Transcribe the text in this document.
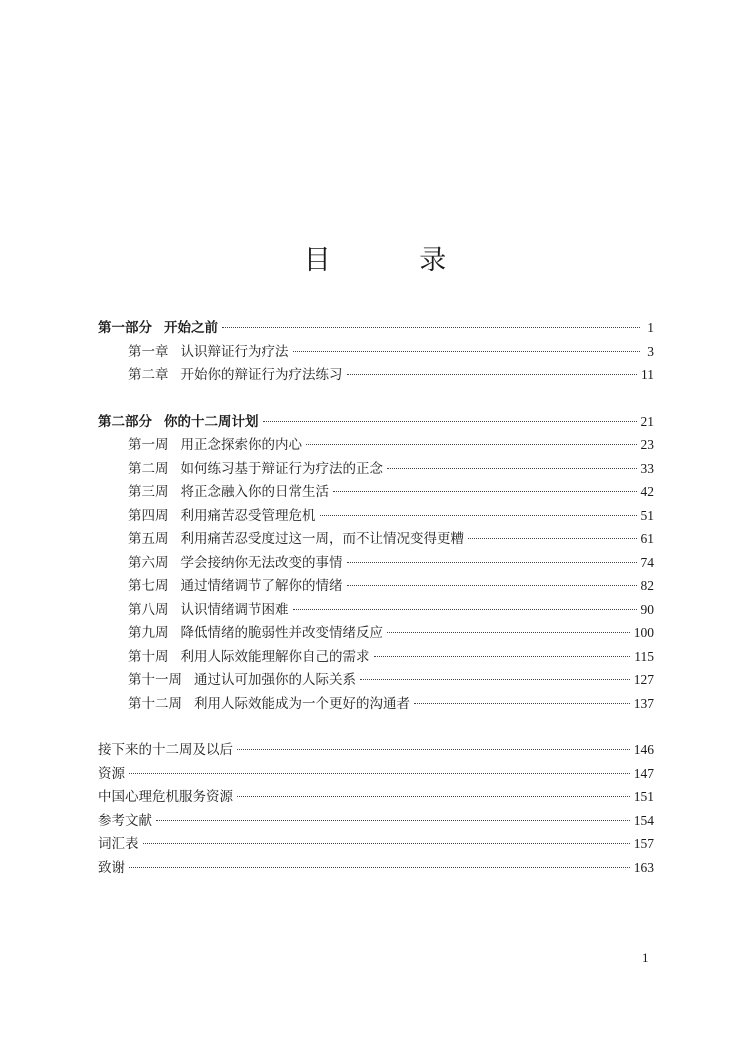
目 录
第一部分 开始之前	1
第一章 认识辩证行为疗法	3
第二章 开始你的辩证行为疗法练习	11
第二部分 你的十二周计划	21
第一周 用正念探索你的内心	23
第二周 如何练习基于辩证行为疗法的正念	33
第三周 将正念融入你的日常生活	42
第四周 利用痛苦忍受管理危机	51
第五周 利用痛苦忍受度过这一周，而不让情况变得更糟	61
第六周 学会接纳你无法改变的事情	74
第七周 通过情绪调节了解你的情绪	82
第八周 认识情绪调节困难	90
第九周 降低情绪的脆弱性并改变情绪反应	100
第十周 利用人际效能理解你自己的需求	115
第十一周 通过认可加强你的人际关系	127
第十二周 利用人际效能成为一个更好的沟通者	137
接下来的十二周及以后	146
资源	147
中国心理危机服务资源	151
参考文献	154
词汇表	157
致谢	163
1
